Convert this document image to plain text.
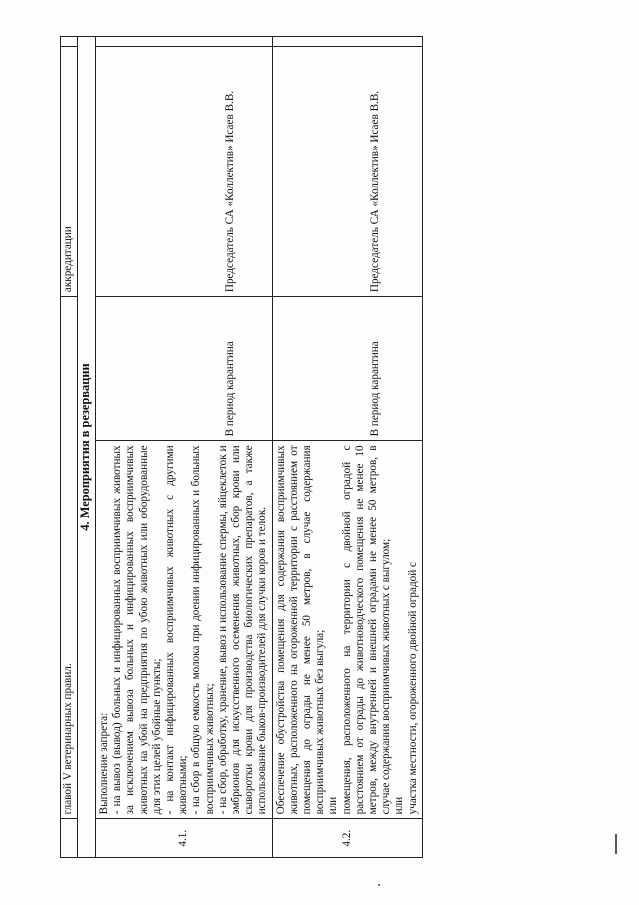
	главой V ветеринарных правил.		аккредитации	
4. Мероприятия в резервации				
4.1.	Выполнение запрета: - на вывоз (вывод) больных и инфицированных восприимчивых животных за исключением вывоза больных и инфицированных восприимчивых животных на убой на предприятия по убою животных или оборудованные для этих целей убойные пункты; - на контакт инфицированных восприимчивых животных с другими животными; - на сбор в общую емкость молока при доении инфицированных и больных восприимчивых животных; - на сбор, обработку, хранение, вывоз и использование спермы, яйцеклеток и эмбрионов для искусственного осеменения животных, сбор крови или сыворотки крови для производства биологических препаратов, а также использование быков-производителей для случки коров и телок.	В период карантина	Председатель СА «Коллектив» Исаев В.В.	
4.2.	Обеспечение обустройства помещения для содержания восприимчивых животных, расположенного на огороженной территории с расстоянием от помещения до ограды не менее 50 метров, в случае содержания восприимчивых животных без выгула; или помещения, расположенного на территории с двойной оградой с расстоянием от ограды до животноводческого помещения не менее 10 метров, между внутренней и внешней оградами не менее 50 метров, в случае содержания восприимчивых животных с выгулом; или участка местности, огороженного двойной оградой с	В период карантина	Председатель СА «Коллектив» Исаев В.В.	
